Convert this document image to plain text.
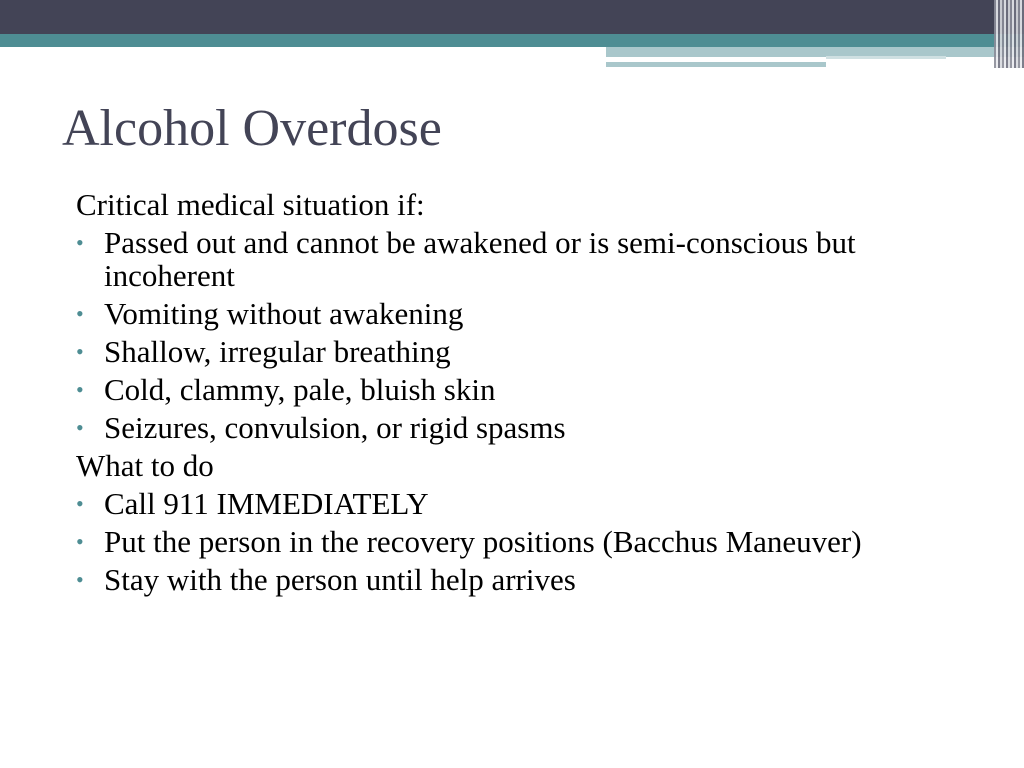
Alcohol Overdose

Critical medical situation if:

• Passed out and cannot be awakened or is semi-conscious but incoherent
• Vomiting without awakening
• Shallow, irregular breathing
• Cold, clammy, pale, bluish skin
• Seizures, convulsion, or rigid spasms

What to do

• Call 911 IMMEDIATELY
• Put the person in the recovery positions (Bacchus Maneuver)
• Stay with the person until help arrives
